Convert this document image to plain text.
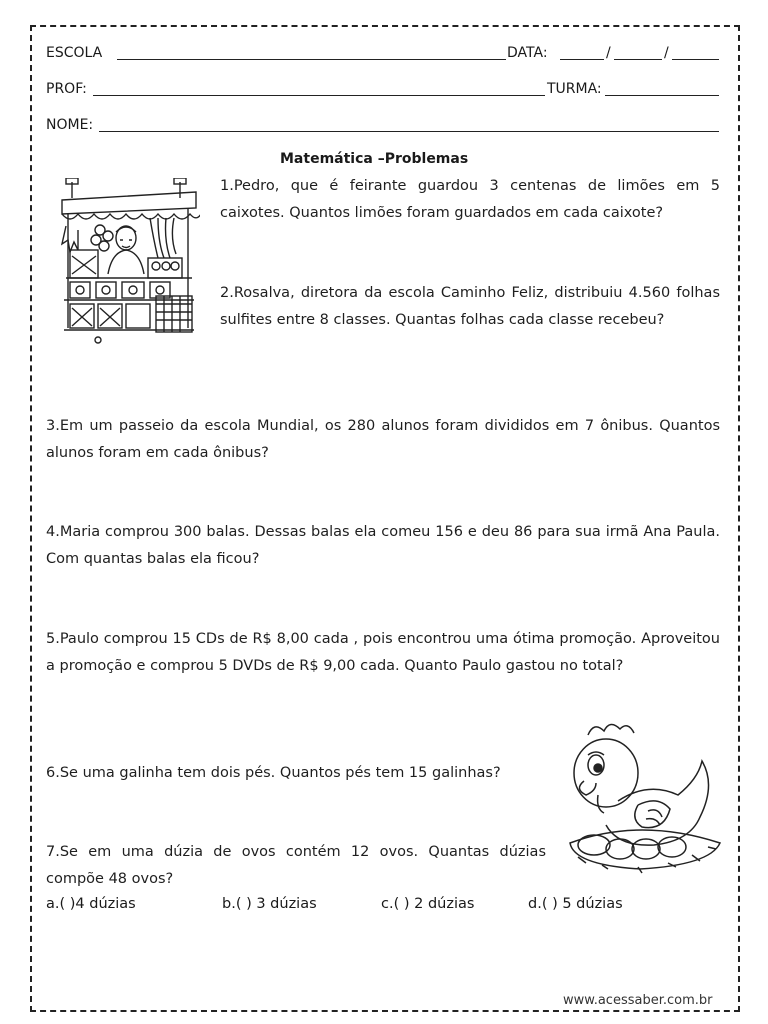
ESCOLA	DATA:	/	/
PROF:	TURMA:
NOME:
Matemática –Problemas
1.Pedro, que é feirante guardou 3 centenas de limões em 5 caixotes. Quantos limões foram guardados em cada caixote?
2.Rosalva, diretora da escola Caminho Feliz, distribuiu 4.560 folhas sulfites entre 8 classes. Quantas folhas cada classe recebeu?
3.Em um passeio da escola Mundial, os 280 alunos foram divididos em 7 ônibus. Quantos alunos foram em cada ônibus?
4.Maria comprou 300 balas. Dessas balas ela comeu 156 e deu 86 para sua irmã Ana Paula. Com quantas balas ela ficou?
5.Paulo comprou 15 CDs de R$ 8,00 cada , pois encontrou uma ótima promoção. Aproveitou a promoção e comprou 5 DVDs de R$ 9,00 cada. Quanto Paulo gastou no total?
6.Se uma galinha tem dois pés. Quantos pés tem 15 galinhas?
7.Se em uma dúzia de ovos contém 12 ovos. Quantas dúzias compõe 48 ovos?
a.( )4 dúzias	b.( ) 3 dúzias	c.( ) 2 dúzias	d.( ) 5 dúzias
www.acessaber.com.br
